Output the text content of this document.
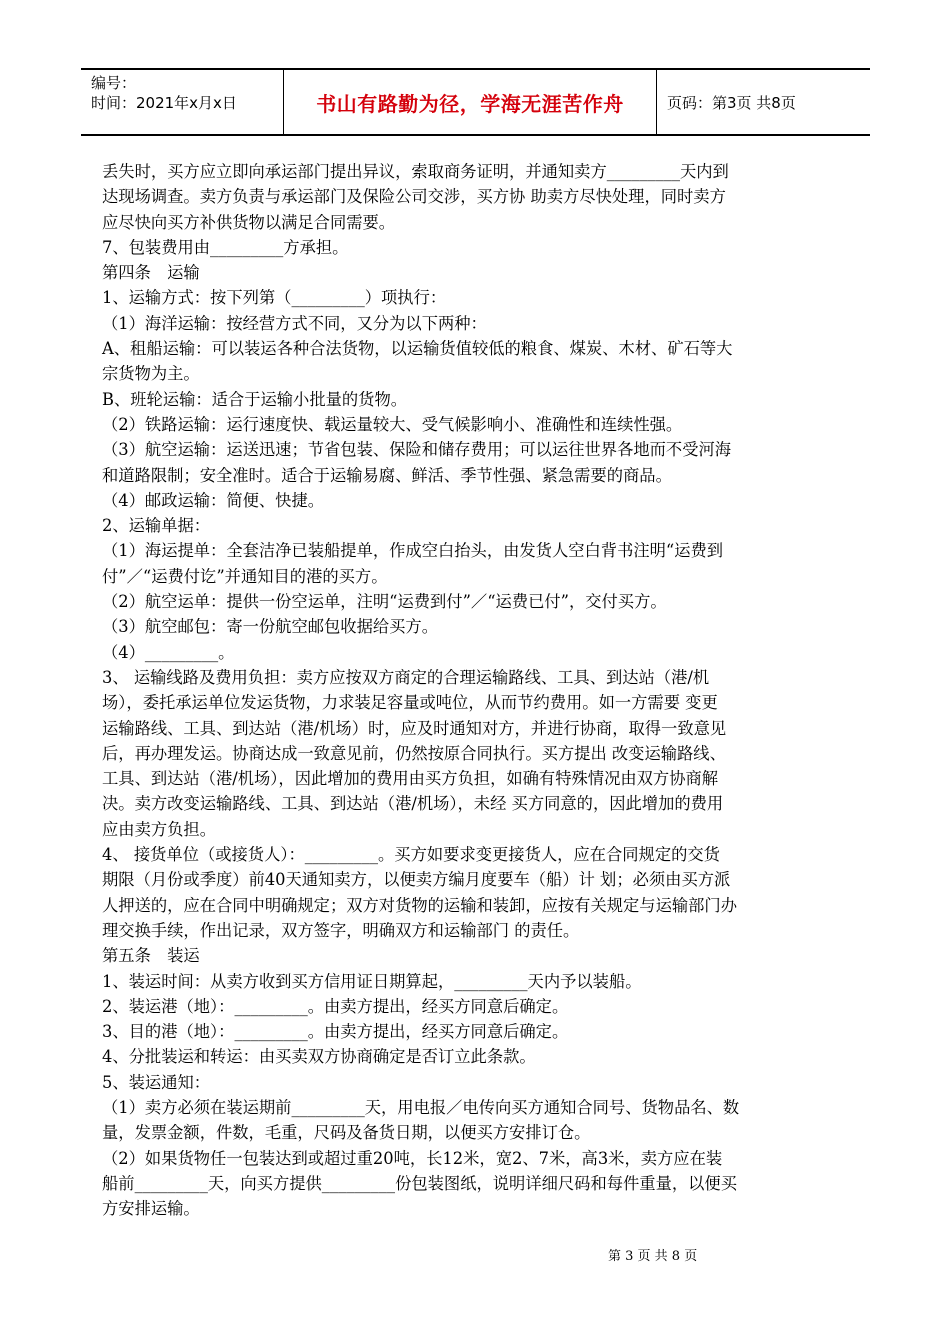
编号：
时间：2021年x月x日	书山有路勤为径，学海无涯苦作舟	页码：第3页 共8页

丢失时，买方应立即向承运部门提出异议，索取商务证明，并通知卖方_________天内到

达现场调查。卖方负责与承运部门及保险公司交涉，买方协 助卖方尽快处理，同时卖方

应尽快向买方补供货物以满足合同需要。

7、包装费用由_________方承担。

第四条　运输

1、运输方式：按下列第（_________）项执行：

（1）海洋运输：按经营方式不同，又分为以下两种：

A、租船运输：可以装运各种合法货物，以运输货值较低的粮食、煤炭、木材、矿石等大

宗货物为主。

B、班轮运输：适合于运输小批量的货物。

（2）铁路运输：运行速度快、载运量较大、受气候影响小、准确性和连续性强。

（3）航空运输：运送迅速；节省包装、保险和储存费用；可以运往世界各地而不受河海

和道路限制；安全准时。适合于运输易腐、鲜活、季节性强、紧急需要的商品。

（4）邮政运输：简便、快捷。

2、运输单据：

（1）海运提单：全套洁净已装船提单，作成空白抬头，由发货人空白背书注明“运费到

付”／“运费付讫”并通知目的港的买方。

（2）航空运单：提供一份空运单，注明“运费到付”／“运费已付”，交付买方。

（3）航空邮包：寄一份航空邮包收据给买方。

（4）_________。

3、 运输线路及费用负担：卖方应按双方商定的合理运输路线、工具、到达站（港/机

场），委托承运单位发运货物，力求装足容量或吨位，从而节约费用。如一方需要 变更

运输路线、工具、到达站（港/机场）时，应及时通知对方，并进行协商，取得一致意见

后，再办理发运。协商达成一致意见前，仍然按原合同执行。买方提出 改变运输路线、

工具、到达站（港/机场），因此增加的费用由买方负担，如确有特殊情况由双方协商解

决。卖方改变运输路线、工具、到达站（港/机场），未经 买方同意的，因此增加的费用

应由卖方负担。

4、 接货单位（或接货人）：_________。买方如要求变更接货人，应在合同规定的交货

期限（月份或季度）前40天通知卖方，以便卖方编月度要车（船）计 划；必须由买方派

人押送的，应在合同中明确规定；双方对货物的运输和装卸，应按有关规定与运输部门办

理交换手续，作出记录，双方签字，明确双方和运输部门 的责任。

第五条　装运

1、装运时间：从卖方收到买方信用证日期算起，_________天内予以装船。

2、装运港（地）：_________。由卖方提出，经买方同意后确定。

3、目的港（地）：_________。由卖方提出，经买方同意后确定。

4、分批装运和转运：由买卖双方协商确定是否订立此条款。

5、装运通知：

（1）卖方必须在装运期前_________天，用电报／电传向买方通知合同号、货物品名、数

量，发票金额，件数，毛重，尺码及备货日期，以便买方安排订仓。

（2）如果货物任一包装达到或超过重20吨，长12米，宽2、7米，高3米，卖方应在装

船前_________天，向买方提供_________份包装图纸，说明详细尺码和每件重量，以便买

方安排运输。

第 3 页 共 8 页
